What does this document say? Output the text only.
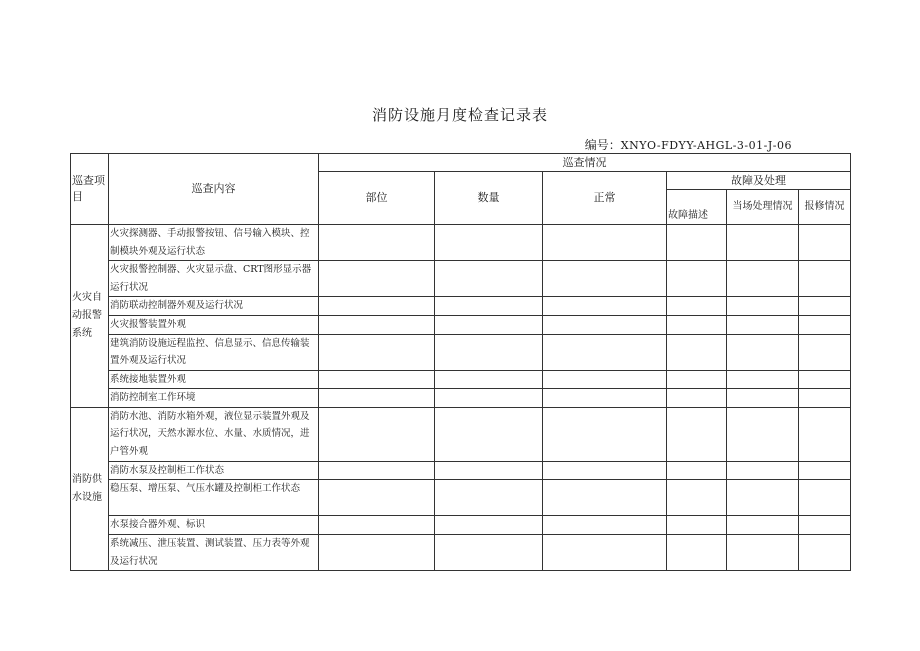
消防设施月度检查记录表
编号：XNYO-FDYY-AHGL-3-01-J-06
巡查项目	巡查内容	巡查情况					
		部位	数量	正常	故障及处理		
					故障描述	当场处理情况	报修情况
火灾自动报警系统	火灾探测器、手动报警按钮、信号输入模块、控制模块外观及运行状态						
	火灾报警控制器、火灾显示盘、CRT图形显示器运行状况						
	消防联动控制器外观及运行状况						
	火灾报警装置外观						
	建筑消防设施远程监控、信息显示、信息传输装置外观及运行状况						
	系统接地装置外观						
	消防控制室工作环境						
消防供水设施	消防水池、消防水箱外观，液位显示装置外观及运行状况，天然水源水位、水量、水质情况，进户管外观						
	消防水泵及控制柜工作状态						
	稳压泵、增压泵、气压水罐及控制柜工作状态						
	水泵接合器外观、标识						
	系统减压、泄压装置、测试装置、压力表等外观及运行状况						
